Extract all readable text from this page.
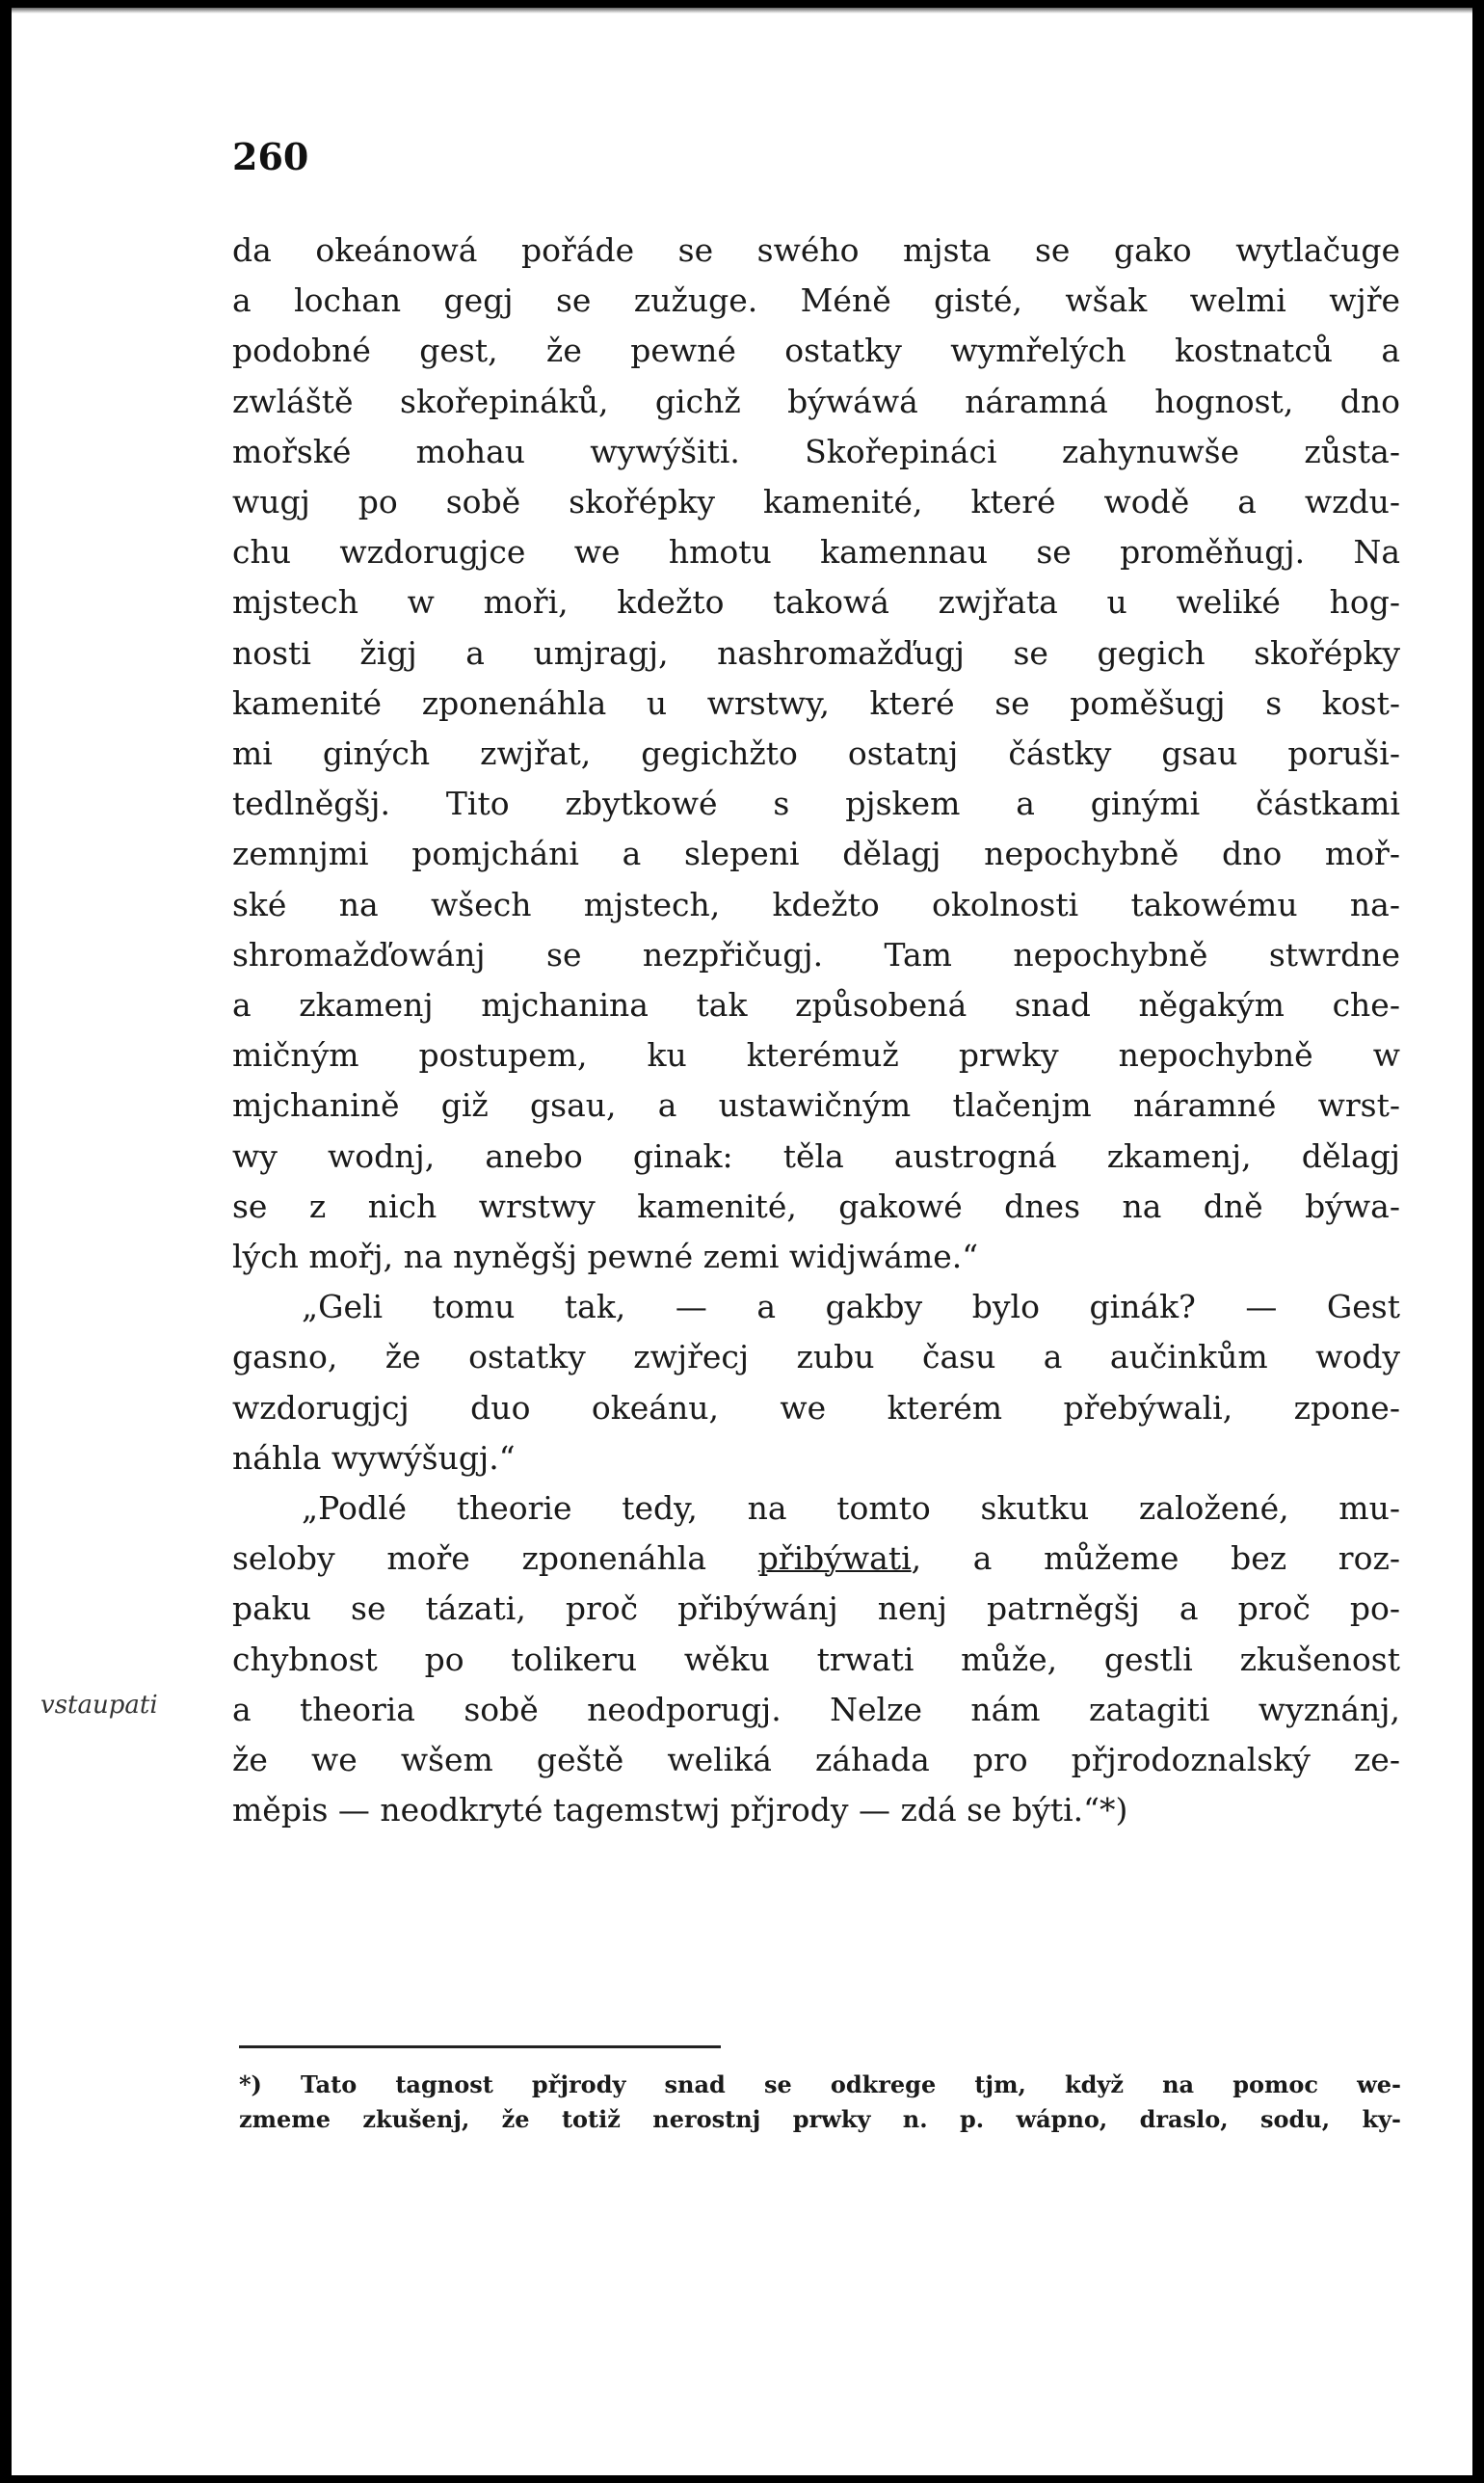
260
vstaupati
da okeánowá pořáde se swého mjsta se gako wytlačuge
a lochan gegj se zužuge. Méně gisté, wšak welmi wjře
podobné gest, že pewné ostatky wymřelých kostnatců a
zwláště skořepináků, gichž býwáwá náramná hognost, dno
mořské mohau wywýšiti. Skořepináci zahynuwše zůsta-
wugj po sobě skořépky kamenité, které wodě a wzdu-
chu wzdorugjce we hmotu kamennau se proměňugj. Na
mjstech w moři, kdežto takowá zwjřata u weliké hog-
nosti žigj a umjragj, nashromažďugj se gegich skořépky
kamenité zponenáhla u wrstwy, které se poměšugj s kost-
mi giných zwjřat, gegichžto ostatnj částky gsau poruši-
tedlněgšj. Tito zbytkowé s pjskem a ginými částkami
zemnjmi pomjcháni a slepeni dělagj nepochybně dno moř-
ské na wšech mjstech, kdežto okolnosti takowému na-
shromažďowánj se nezpřičugj. Tam nepochybně stwrdne
a zkamenj mjchanina tak způsobená snad něgakým che-
mičným postupem, ku kterémuž prwky nepochybně w
mjchanině giž gsau, a ustawičným tlačenjm náramné wrst-
wy wodnj, anebo ginak: těla austrogná zkamenj, dělagj
se z nich wrstwy kamenité, gakowé dnes na dně býwa-
lých mořj, na nyněgšj pewné zemi widjwáme.“
„Geli tomu tak, — a gakby bylo ginák? — Gest
gasno, že ostatky zwjřecj zubu času a aučinkům wody
wzdorugjcj duo okeánu, we kterém přebýwali, zpone-
náhla wywýšugj.“
„Podlé theorie tedy, na tomto skutku založené, mu-
seloby moře zponenáhla přibýwati, a můžeme bez roz-
paku se tázati, proč přibýwánj nenj patrněgšj a proč po-
chybnost po tolikeru wěku trwati může, gestli zkušenost
a theoria sobě neodporugj. Nelze nám zatagiti wyznánj,
že we wšem geště weliká záhada pro přjrodoznalský ze-
měpis — neodkryté tagemstwj přjrody — zdá se býti.“*)
*) Tato tagnost přjrody snad se odkrege tjm, když na pomoc we-
zmeme zkušenj, že totiž nerostnj prwky n. p. wápno, draslo, sodu, ky-
